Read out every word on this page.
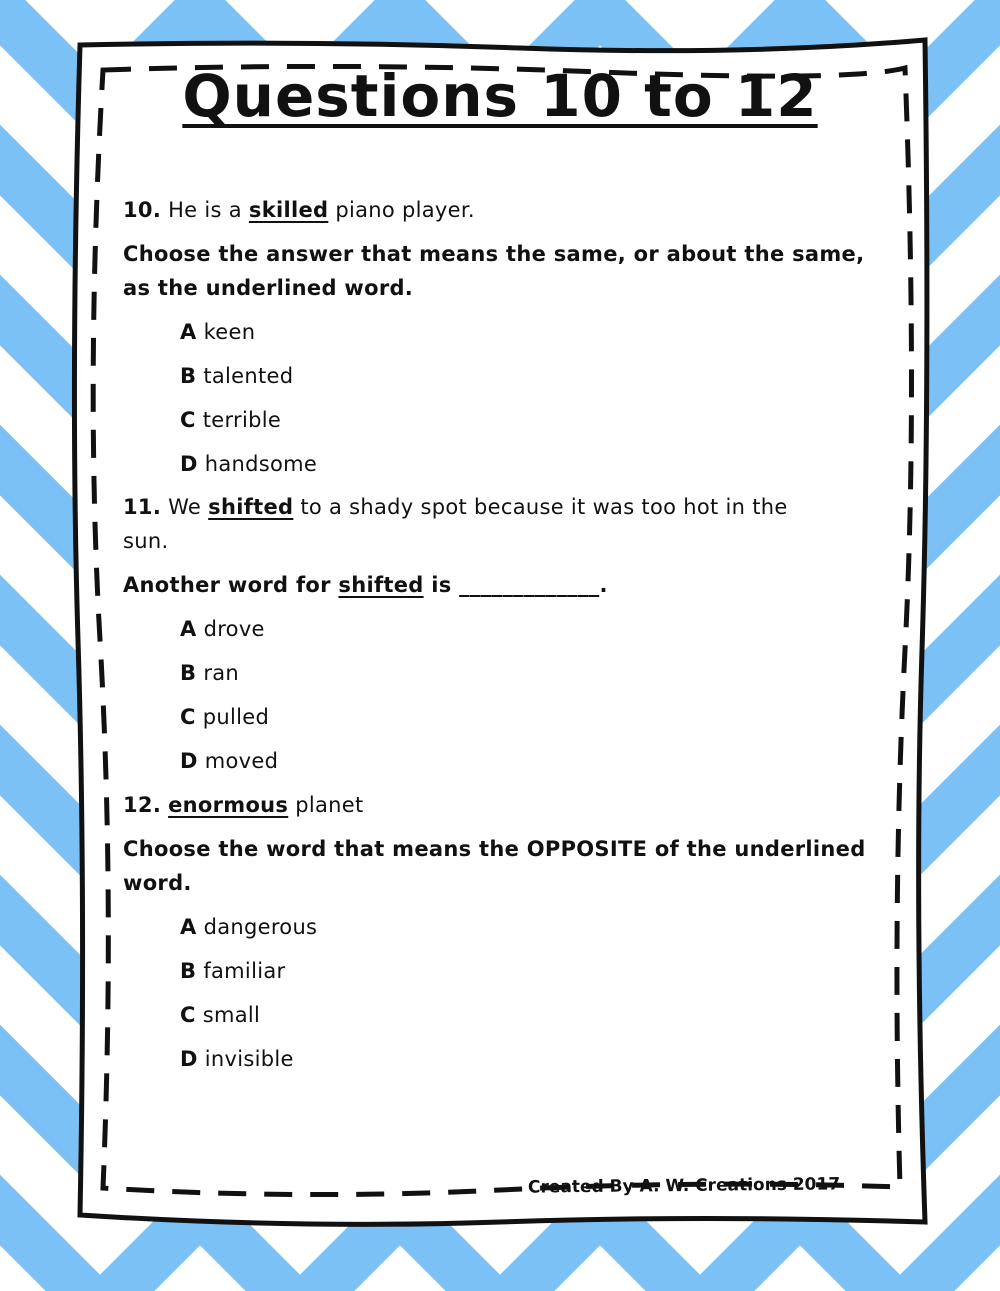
Questions 10 to 12
10. He is a skilled piano player.
Choose the answer that means the same, or about the same,
as the underlined word.
A keen
B talented
C terrible
D handsome
11. We shifted to a shady spot because it was too hot in the
sun.
Another word for shifted is _____________.
A drove
B ran
C pulled
D moved
12. enormous planet
Choose the word that means the OPPOSITE of the underlined
word.
A dangerous
B familiar
C small
D invisible
Created By A. W. Creations 2017
